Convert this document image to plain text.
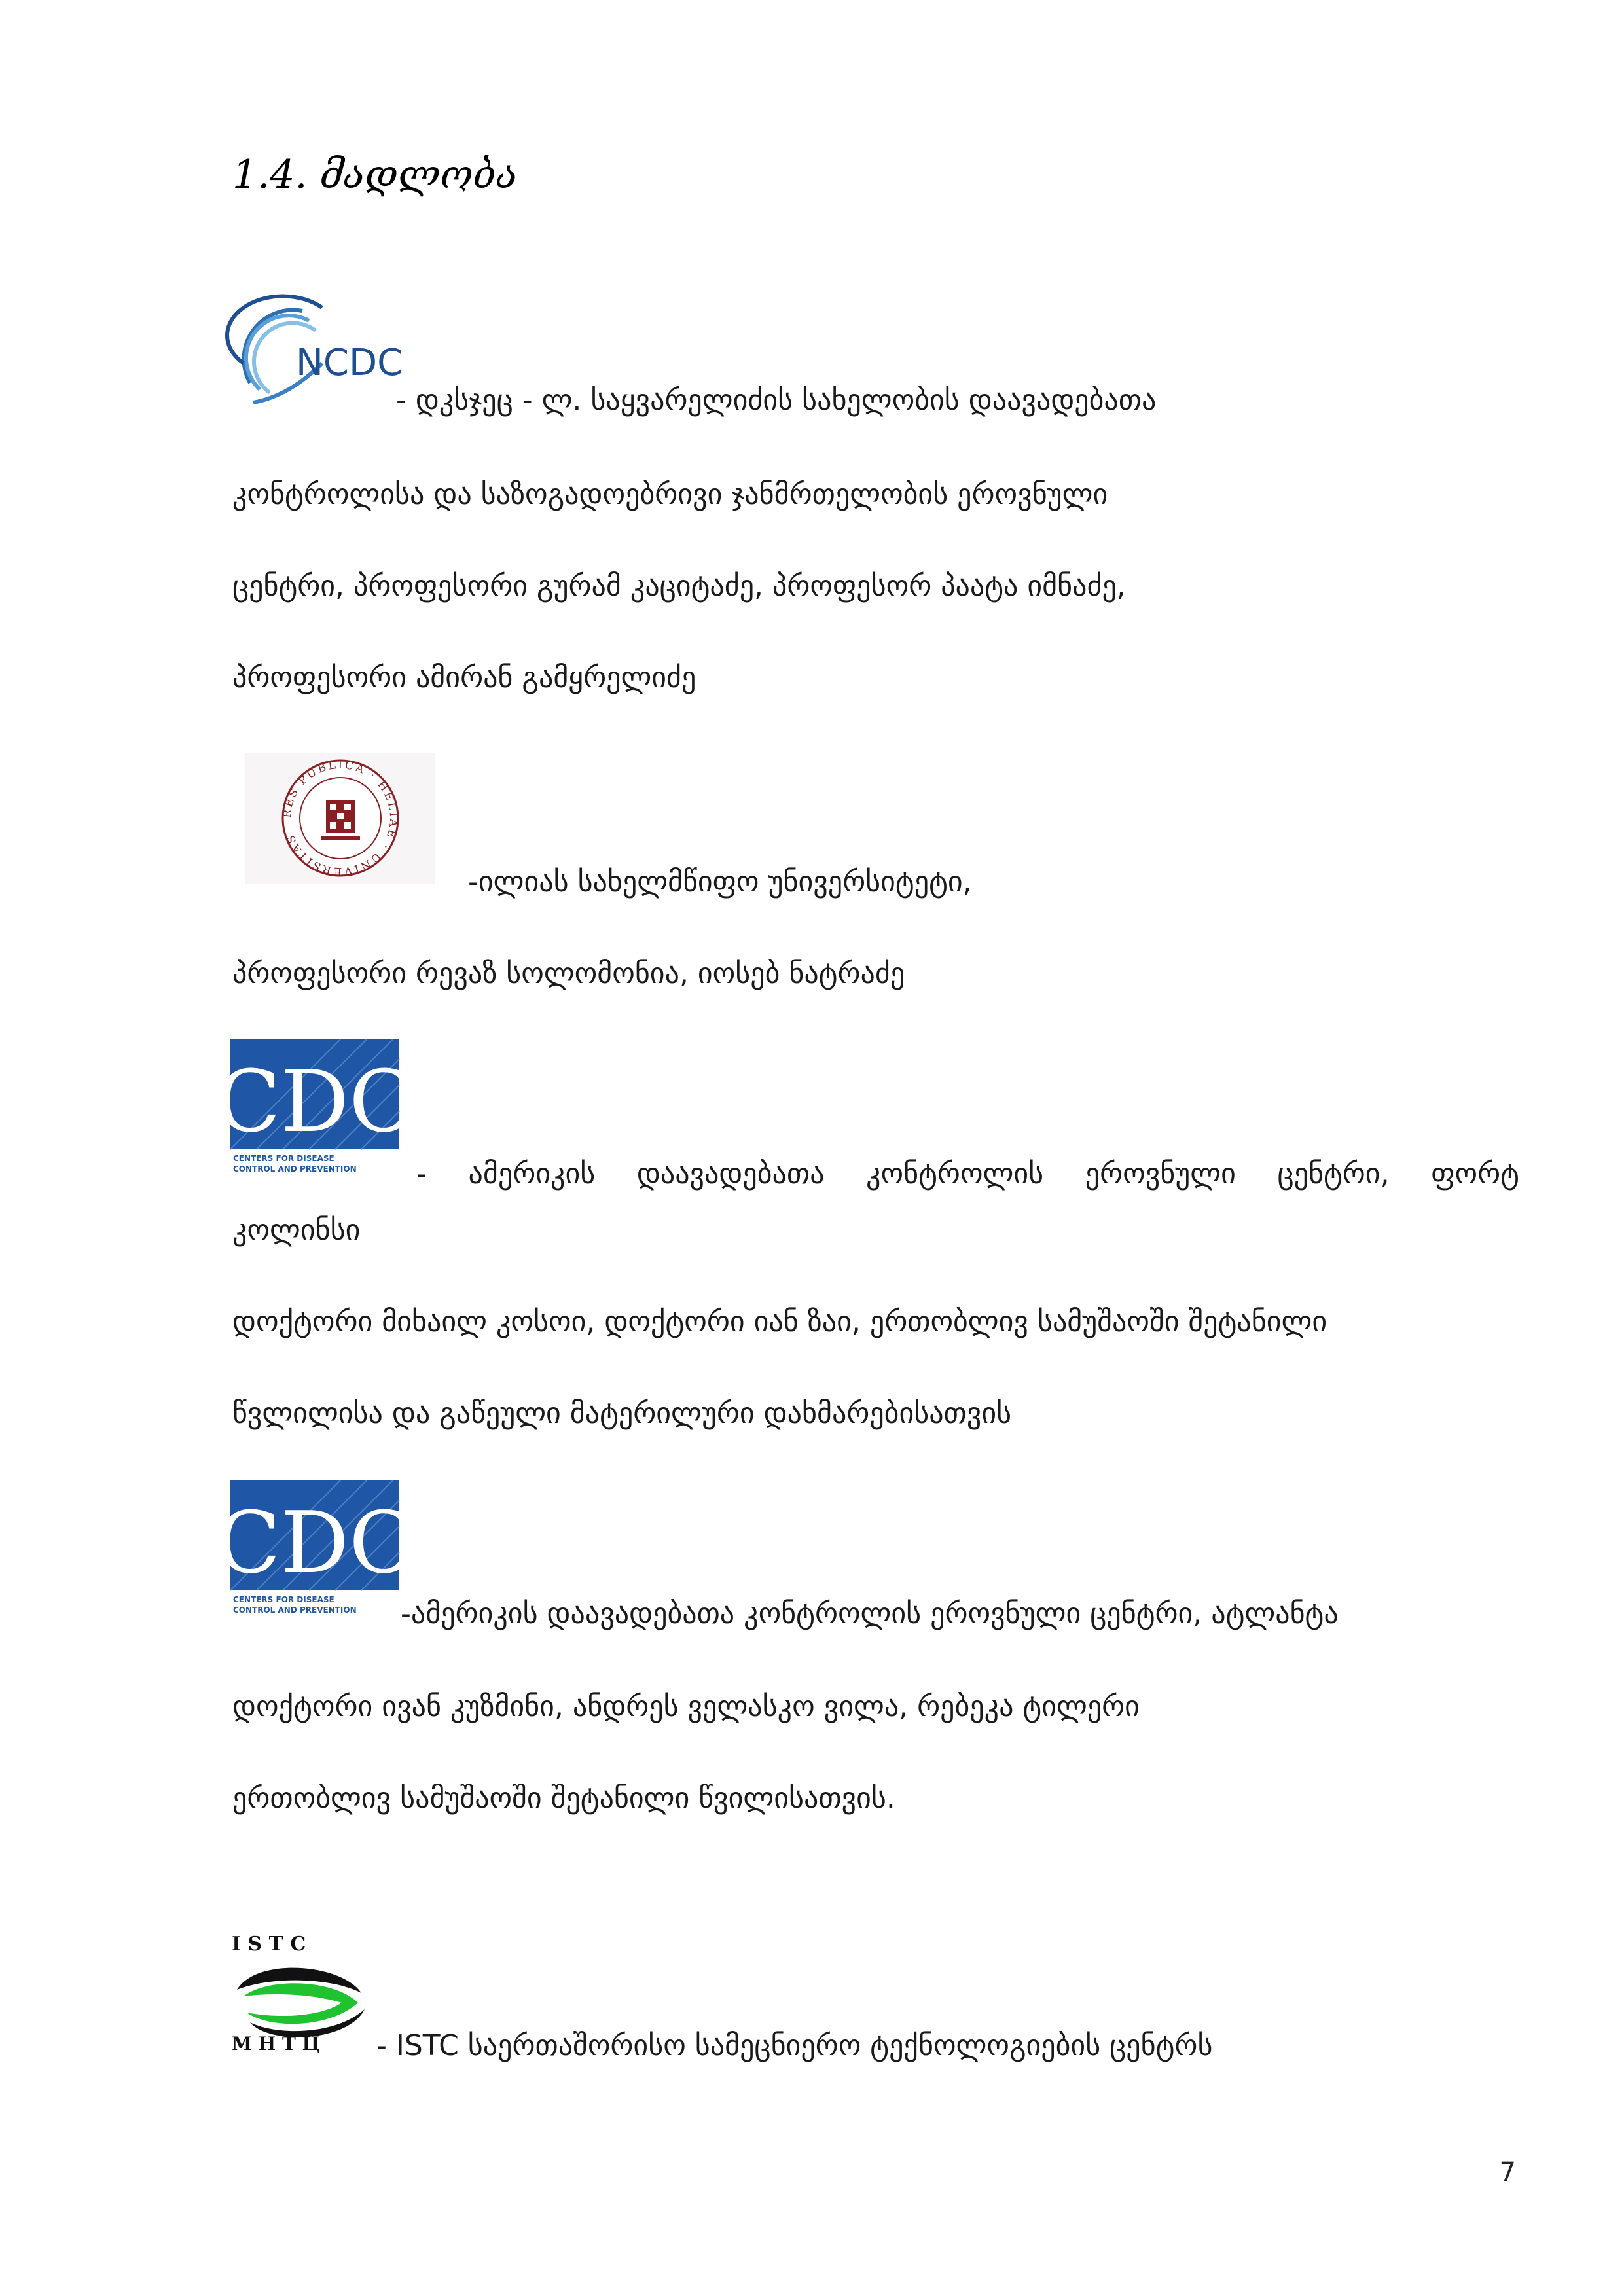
1.4. მადლობა
NCDC
- დკსჯეც - ლ. საყვარელიძის სახელობის დაავადებათა
კონტროლისა და საზოგადოებრივი ჯანმრთელობის ეროვნული
ცენტრი, პროფესორი გურამ კაციტაძე, პროფესორ პაატა იმნაძე,
პროფესორი ამირან გამყრელიძე
RES PUBLICA · HELIAE · UNIVERSITAS
-ილიას სახელმწიფო უნივერსიტეტი,
პროფესორი რევაზ სოლომონია, იოსებ ნატრაძე
CDC
CENTERS FOR DISEASE
CONTROL AND PREVENTION - ამერიკის დაავადებათა კონტროლის ეროვნული ცენტრი, ფორტ
კოლინსი
დოქტორი მიხაილ კოსოი, დოქტორი იან ზაი, ერთობლივ სამუშაოში შეტანილი
წვლილისა და გაწეული მატერილური დახმარებისათვის
CDC
CENTERS FOR DISEASE
CONTROL AND PREVENTION -ამერიკის დაავადებათა კონტროლის ეროვნული ცენტრი, ატლანტა
დოქტორი ივან კუზმინი, ანდრეს ველასკო ვილა, რებეკა ტილერი
ერთობლივ სამუშაოში შეტანილი წვილისათვის.
I S T C
М Н Т Ц - ISTC საერთაშორისო სამეცნიერო ტექნოლოგიების ცენტრს
7
